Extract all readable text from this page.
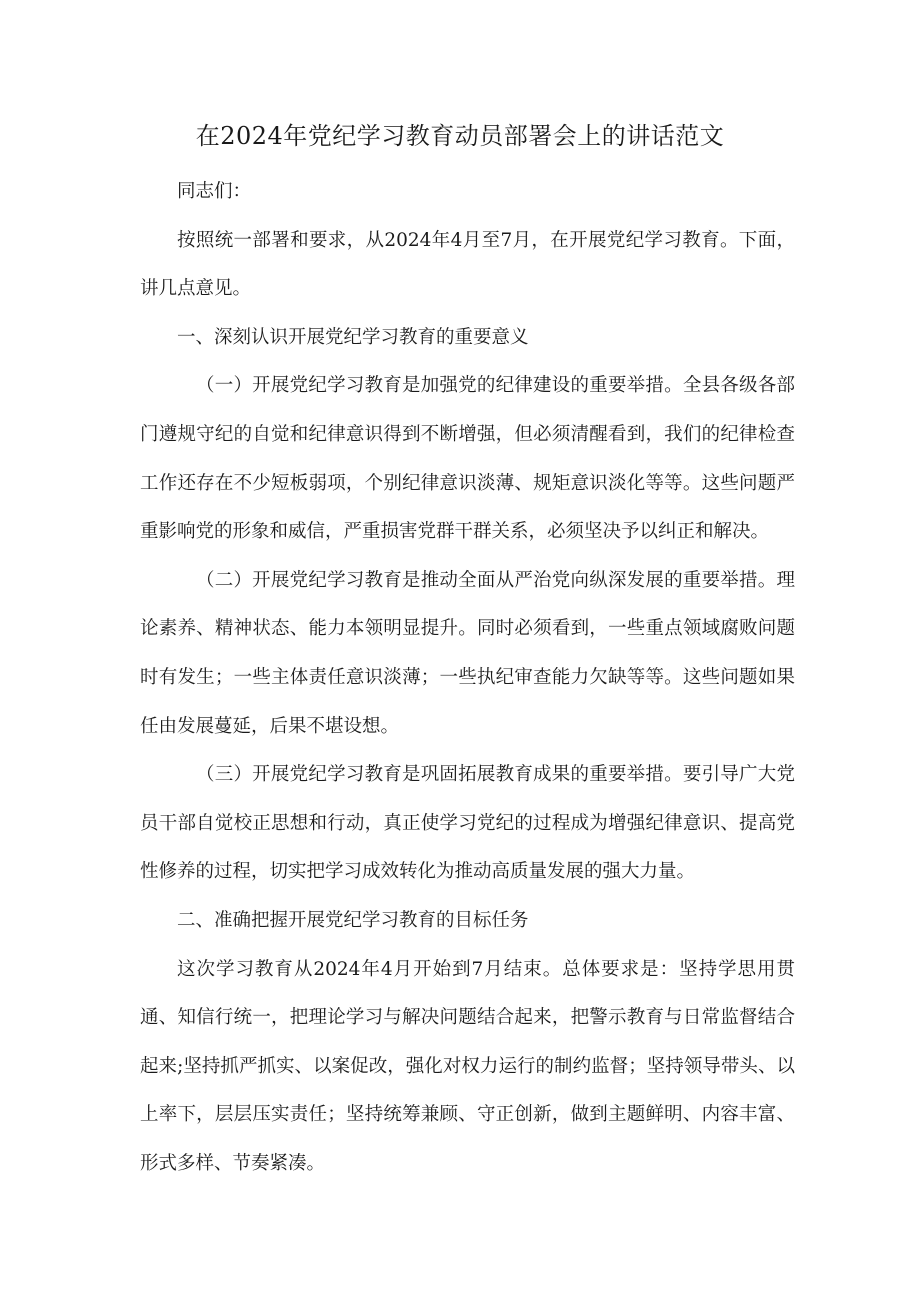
在2024年党纪学习教育动员部署会上的讲话范文

同志们：

按照统一部署和要求，从2024年4月至7月，在开展党纪学习教育。下面，讲几点意见。

一、深刻认识开展党纪学习教育的重要意义

（一）开展党纪学习教育是加强党的纪律建设的重要举措。全县各级各部门遵规守纪的自觉和纪律意识得到不断增强，但必须清醒看到，我们的纪律检查工作还存在不少短板弱项，个别纪律意识淡薄、规矩意识淡化等等。这些问题严重影响党的形象和威信，严重损害党群干群关系，必须坚决予以纠正和解决。

（二）开展党纪学习教育是推动全面从严治党向纵深发展的重要举措。理论素养、精神状态、能力本领明显提升。同时必须看到，一些重点领域腐败问题时有发生；一些主体责任意识淡薄；一些执纪审查能力欠缺等等。这些问题如果任由发展蔓延，后果不堪设想。

（三）开展党纪学习教育是巩固拓展教育成果的重要举措。要引导广大党员干部自觉校正思想和行动，真正使学习党纪的过程成为增强纪律意识、提高党性修养的过程，切实把学习成效转化为推动高质量发展的强大力量。

二、准确把握开展党纪学习教育的目标任务

这次学习教育从2024年4月开始到7月结束。总体要求是：坚持学思用贯通、知信行统一，把理论学习与解决问题结合起来，把警示教育与日常监督结合起来;坚持抓严抓实、以案促改，强化对权力运行的制约监督；坚持领导带头、以上率下，层层压实责任；坚持统筹兼顾、守正创新，做到主题鲜明、内容丰富、形式多样、节奏紧凑。
